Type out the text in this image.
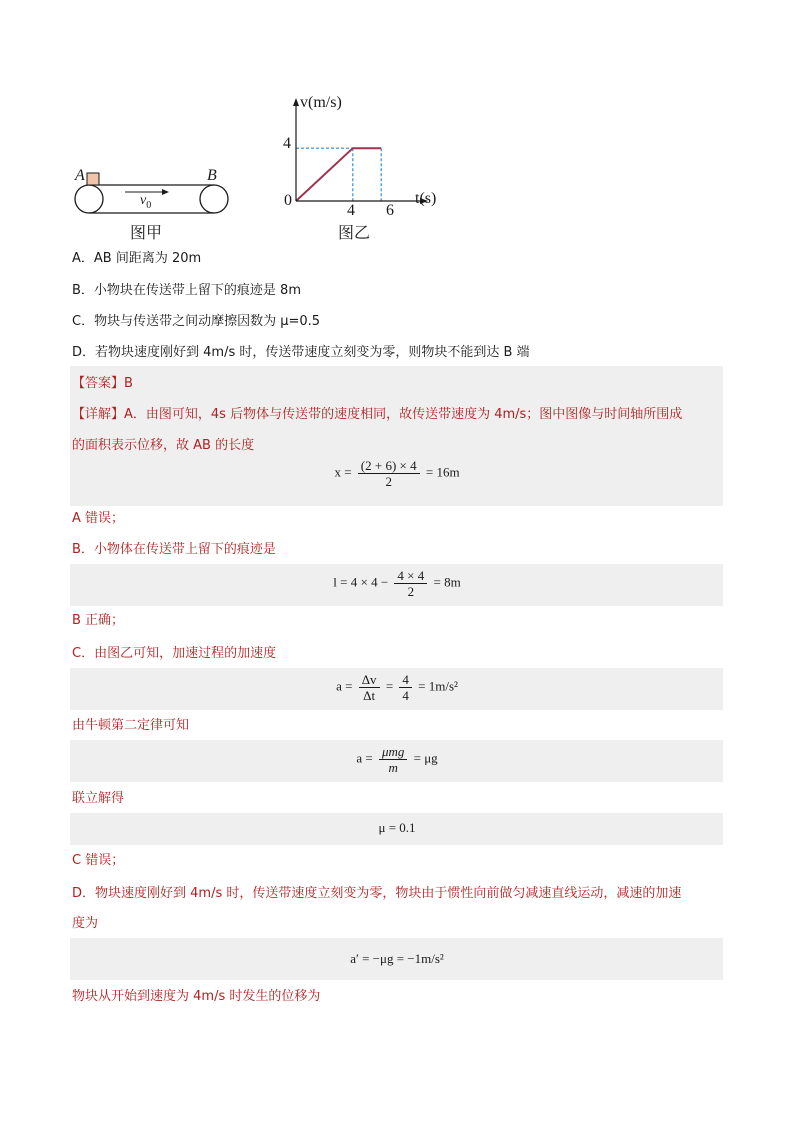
A	B
$v_0$
图甲
v(m/s)
4
0
4 6
t(s)
图乙
A．AB 间距离为 20m
B．小物块在传送带上留下的痕迹是 8m
C．物块与传送带之间动摩擦因数为 μ=0.5
D．若物块速度刚好到 4m/s 时，传送带速度立刻变为零，则物块不能到达 B 端
【答案】B
【详解】A．由图可知，4s 后物体与传送带的速度相同，故传送带速度为 4m/s；图中图像与时间轴所围成
的面积表示位移，故 AB 的长度
$x = \frac{(2 + 6) \times 4}{2} = 16m$
A 错误；
B．小物体在传送带上留下的痕迹是
$l = 4 \times 4 - \frac{4 \times 4}{2} = 8m$
B 正确；
C．由图乙可知，加速过程的加速度
$a = \frac{\Delta v}{\Delta t} = \frac{4}{4} = 1m/s^2$
由牛顿第二定律可知
$a = \frac{\text{μmg}}{m} = \mu g$
联立解得
μ = 0.1
C 错误；
D．物块速度刚好到 4m/s 时，传送带速度立刻变为零，物块由于惯性向前做匀减速直线运动，减速的加速
度为
a′ = −μg = −1m/s²
物块从开始到速度为 4m/s 时发生的位移为
